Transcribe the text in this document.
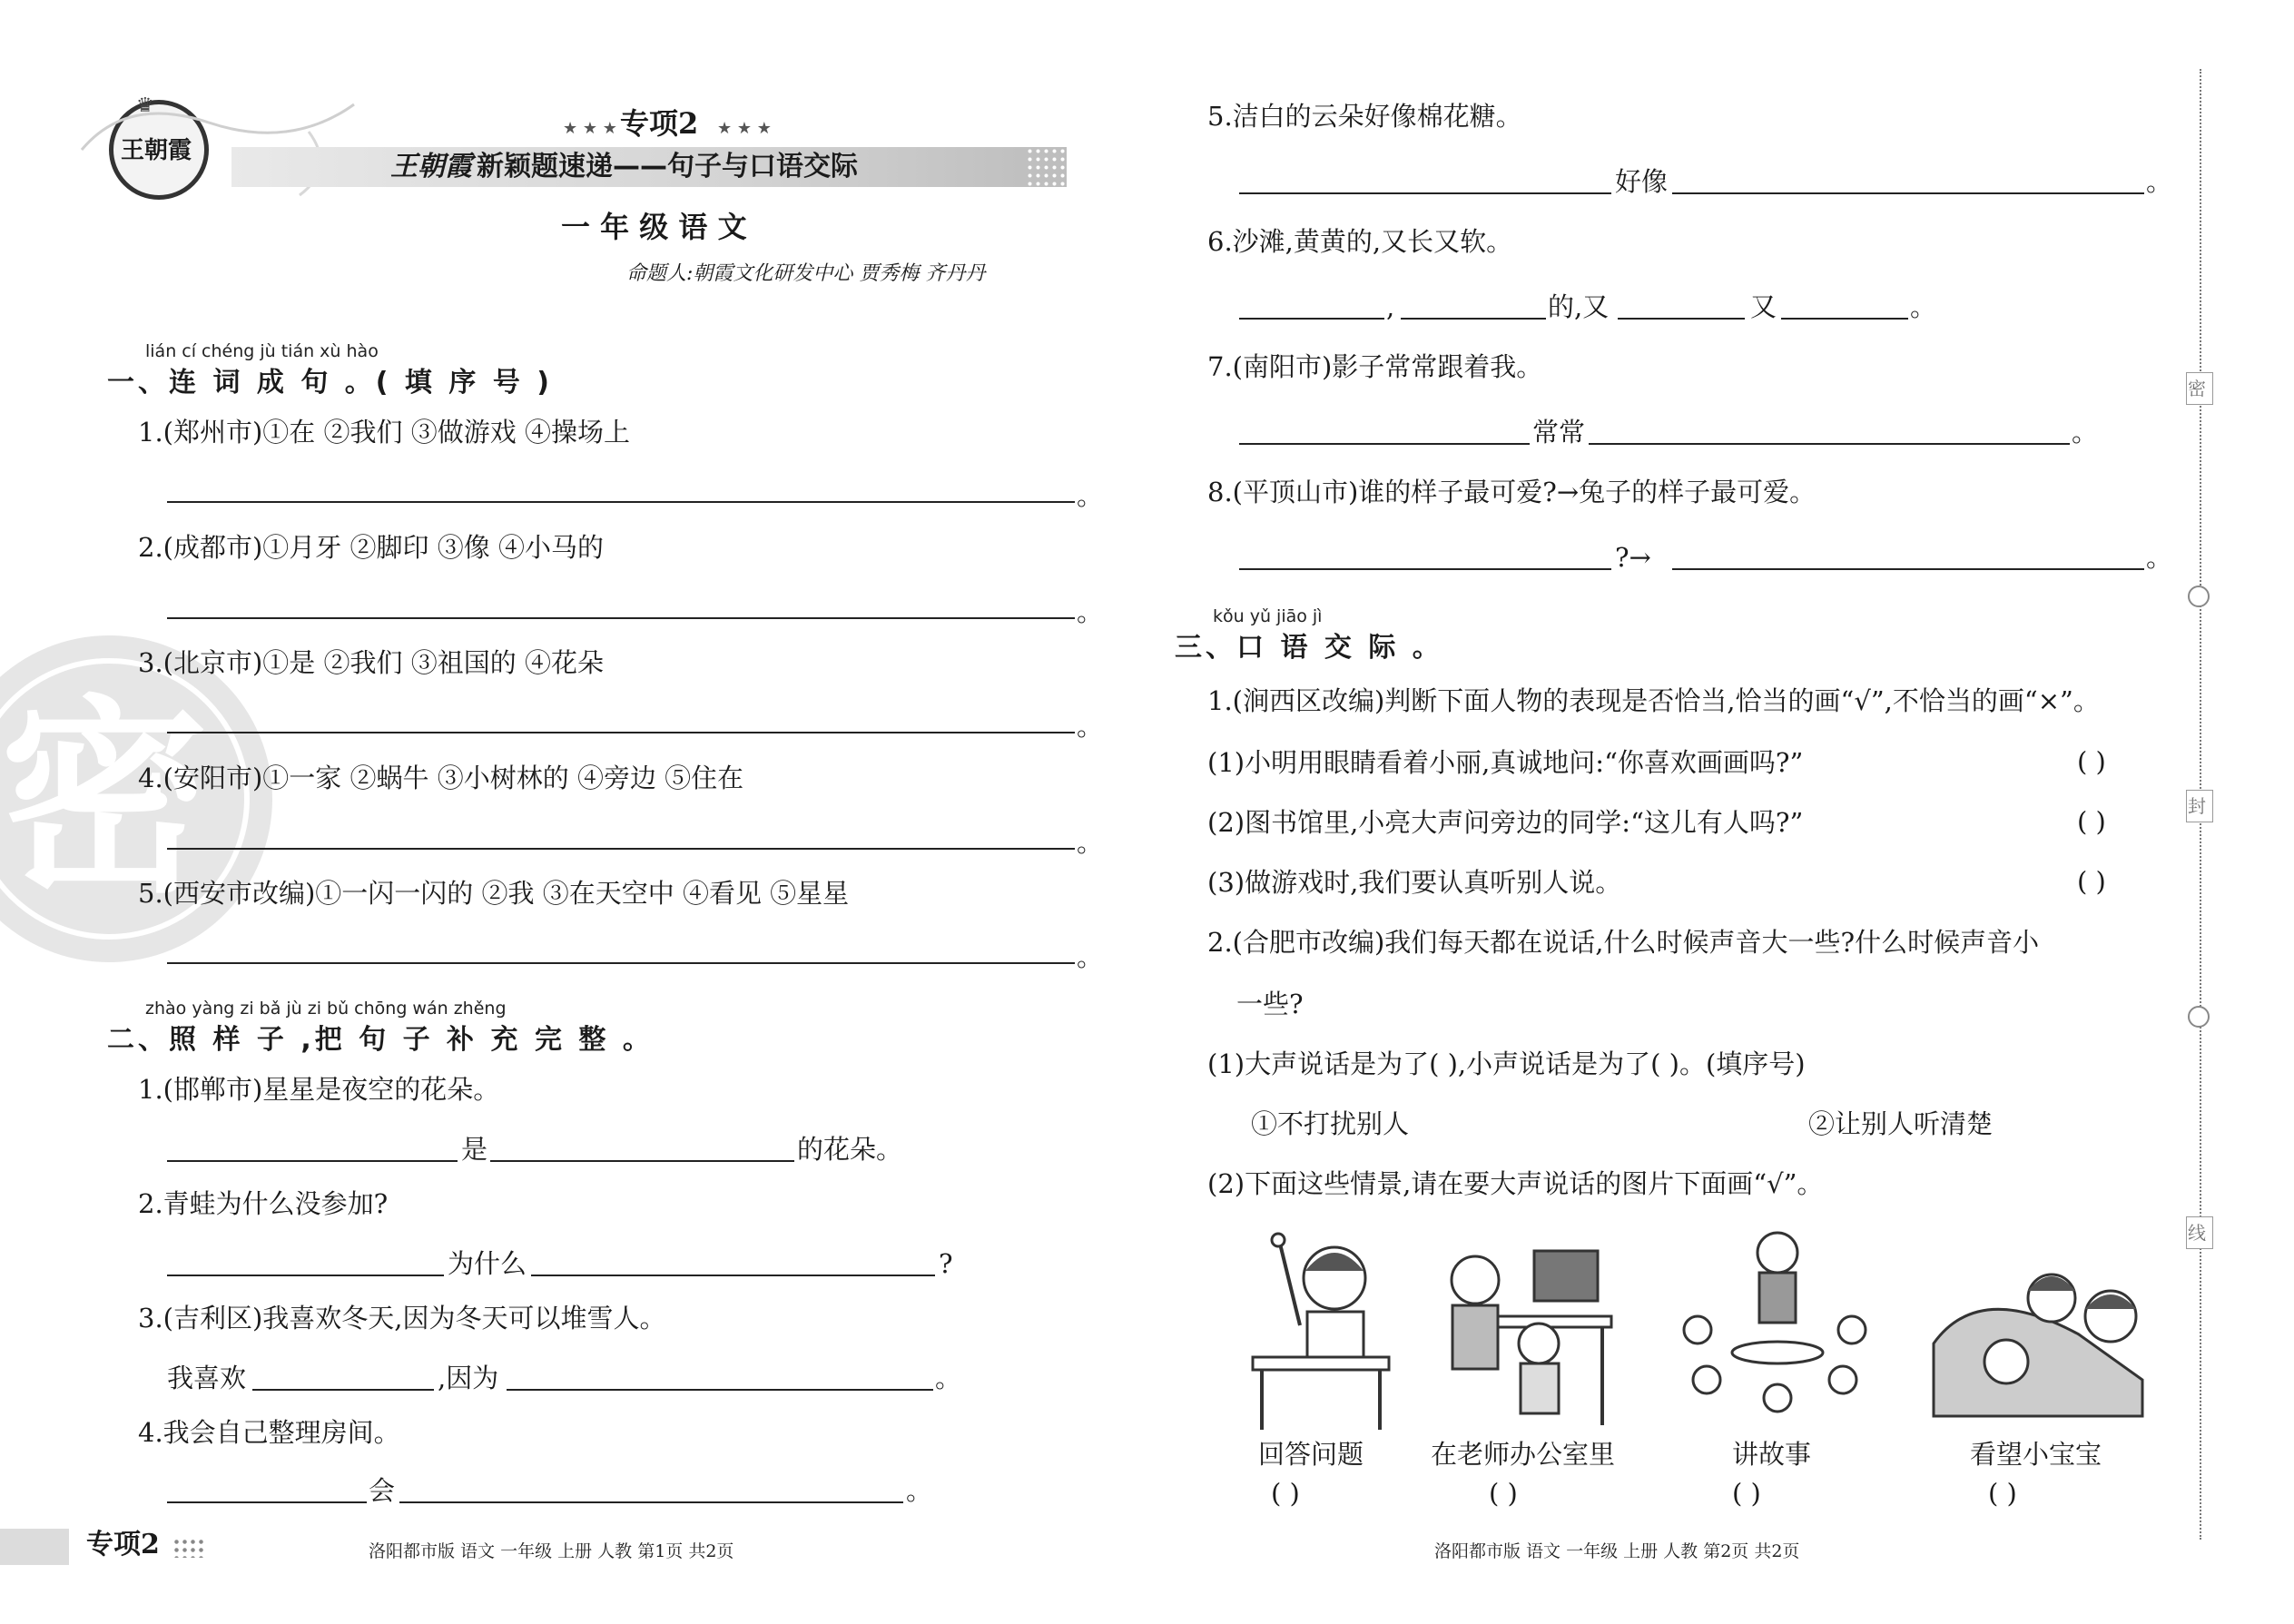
密
王朝霞
♛
★ ★ ★ 专项2 ★ ★ ★
王朝霞 新颖题速递——句子与口语交际
一 年 级 语 文
命题人:朝霞文化研发中心 贾秀梅 齐丹丹
lián cí chéng jù tián xù hào
一、连 词 成 句 。( 填 序 号 )
1.(郑州市)①在 ②我们 ③做游戏 ④操场上
。
2.(成都市)①月牙 ②脚印 ③像 ④小马的
。
3.(北京市)①是 ②我们 ③祖国的 ④花朵
。
4.(安阳市)①一家 ②蜗牛 ③小树林的 ④旁边 ⑤住在
。
5.(西安市改编)①一闪一闪的 ②我 ③在天空中 ④看见 ⑤星星
。
zhào yàng zi bǎ jù zi bǔ chōng wán zhěng
二、照 样 子 ,把 句 子 补 充 完 整 。
1.(邯郸市)星星是夜空的花朵。
是	的花朵。
2.青蛙为什么没参加?
为什么	?
3.(吉利区)我喜欢冬天,因为冬天可以堆雪人。
我喜欢	,因为	。
4.我会自己整理房间。
会	。
专项2	洛阳都市版 语文 一年级 上册 人教 第1页 共2页
5.洁白的云朵好像棉花糖。
好像	。
6.沙滩,黄黄的,又长又软。
,	的,又	又	。
7.(南阳市)影子常常跟着我。
常常	。
8.(平顶山市)谁的样子最可爱?→兔子的样子最可爱。
?→	。
kǒu yǔ jiāo jì
三、口 语 交 际 。
1.(涧西区改编)判断下面人物的表现是否恰当,恰当的画“√”,不恰当的画“×”。
(1)小明用眼睛看着小丽,真诚地问:“你喜欢画画吗?”	( )
(2)图书馆里,小亮大声问旁边的同学:“这儿有人吗?”	( )
(3)做游戏时,我们要认真听别人说。	( )
2.(合肥市改编)我们每天都在说话,什么时候声音大一些?什么时候声音小
一些?
(1)大声说话是为了( ),小声说话是为了( )。(填序号)
①不打扰别人	②让别人听清楚
(2)下面这些情景,请在要大声说话的图片下面画“√”。
回答问题
( )
在老师办公室里
( )
讲故事
( )
看望小宝宝
( )
洛阳都市版 语文 一年级 上册 人教 第2页 共2页
密
封
线
